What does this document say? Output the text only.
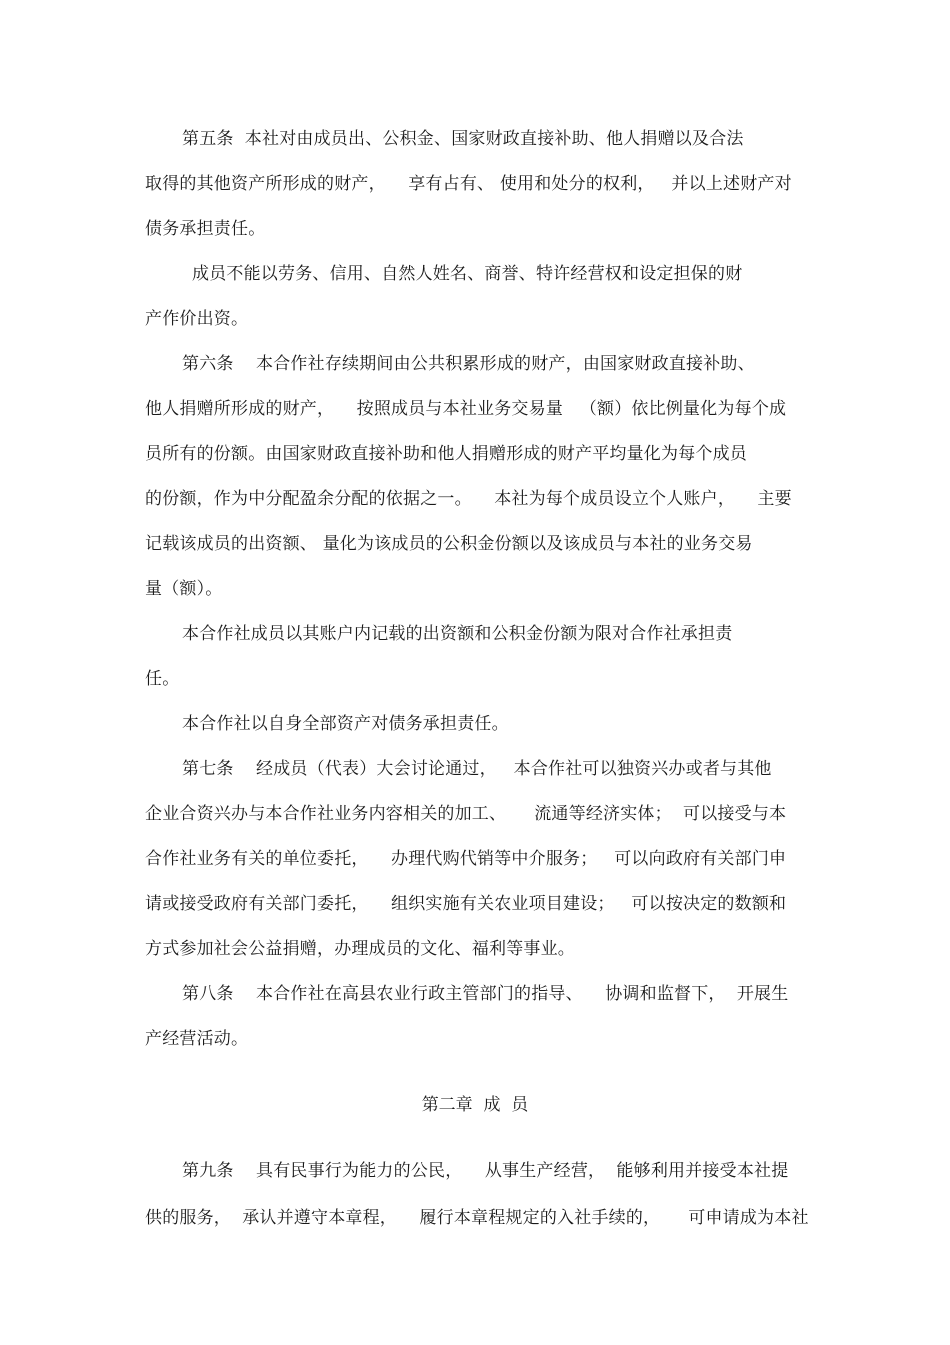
第五条  本社对由成员出、公积金、国家财政直接补助、他人捐赠以及合法
取得的其他资产所形成的财产，    享有占有、 使用和处分的权利，   并以上述财产对
债务承担责任。
成员不能以劳务、信用、自然人姓名、商誉、特许经营权和设定担保的财
产作价出资。
第六条    本合作社存续期间由公共积累形成的财产，由国家财政直接补助、
他人捐赠所形成的财产，    按照成员与本社业务交易量   （额）依比例量化为每个成
员所有的份额。由国家财政直接补助和他人捐赠形成的财产平均量化为每个成员
的份额，作为中分配盈余分配的依据之一。    本社为每个成员设立个人账户，    主要
记载该成员的出资额、 量化为该成员的公积金份额以及该成员与本社的业务交易
量（额）。
本合作社成员以其账户内记载的出资额和公积金份额为限对合作社承担责
任。
本合作社以自身全部资产对债务承担责任。
第七条    经成员（代表）大会讨论通过，   本合作社可以独资兴办或者与其他
企业合资兴办与本合作社业务内容相关的加工、     流通等经济实体；  可以接受与本
合作社业务有关的单位委托，    办理代购代销等中介服务；   可以向政府有关部门申
请或接受政府有关部门委托，    组织实施有关农业项目建设；   可以按决定的数额和
方式参加社会公益捐赠，办理成员的文化、福利等事业。
第八条    本合作社在高县农业行政主管部门的指导、    协调和监督下，  开展生
产经营活动。
第二章  成  员
第九条    具有民事行为能力的公民，    从事生产经营，  能够利用并接受本社提
供的服务，  承认并遵守本章程，    履行本章程规定的入社手续的，     可申请成为本社
